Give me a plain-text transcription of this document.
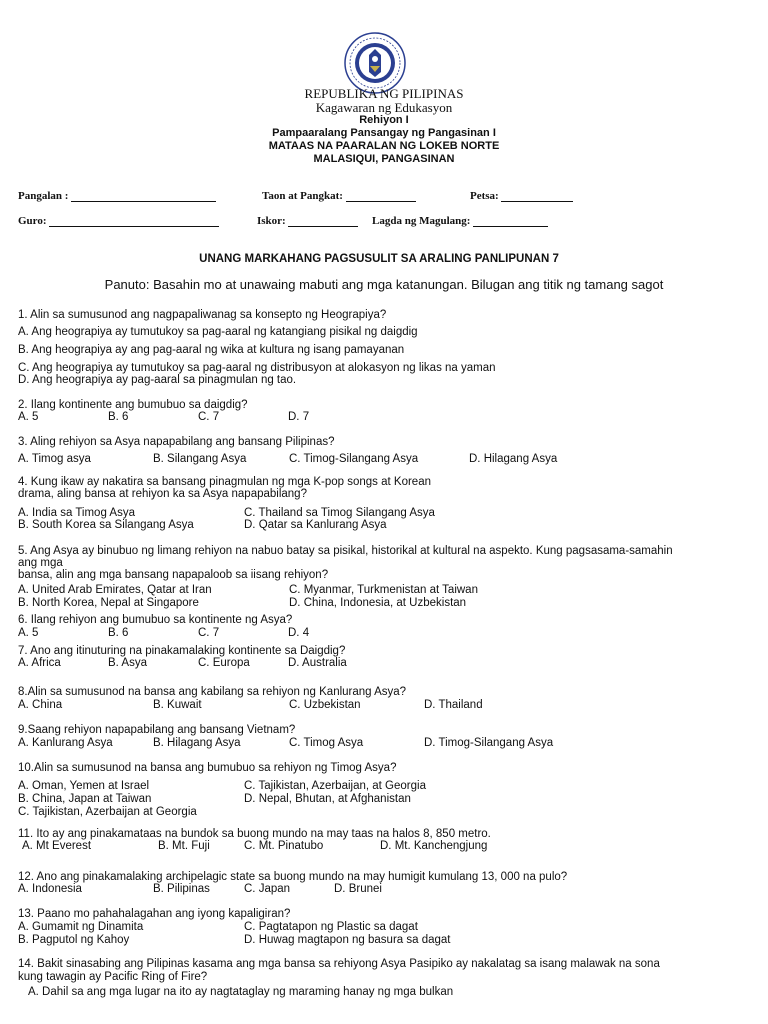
REPUBLIKA NG PILIPINAS
Kagawaran ng Edukasyon
Rehiyon I
Pampaaralang Pansangay ng Pangasinan I
MATAAS NA PAARALAN NG LOKEB NORTE
MALASIQUI, PANGASINAN
Pangalan :	Taon at Pangkat:	Petsa:
Guro:	Iskor:	Lagda ng Magulang:
UNANG MARKAHANG PAGSUSULIT SA ARALING PANLIPUNAN 7
Panuto: Basahin mo at unawaing mabuti ang mga katanungan. Bilugan ang titik ng tamang sagot
1. Alin sa sumusunod ang nagpapaliwanag sa konsepto ng Heograpiya?
A. Ang heograpiya ay tumutukoy sa pag-aaral ng katangiang pisikal ng daigdig
B. Ang heograpiya ay ang pag-aaral ng wika at kultura ng isang pamayanan
C. Ang heograpiya ay tumutukoy sa pag-aaral ng distribusyon at alokasyon ng likas na yaman
D. Ang heograpiya ay pag-aaral sa pinagmulan ng tao.
2. Ilang kontinente ang bumubuo sa daigdig?
A. 5	B. 6	C. 7	D. 7
3. Aling rehiyon sa Asya napapabilang ang bansang Pilipinas?
A. Timog asya	B. Silangang Asya	C. Timog-Silangang Asya	D. Hilagang Asya
4. Kung ikaw ay nakatira sa bansang pinagmulan ng mga K-pop songs at Korean
drama, aling bansa at rehiyon ka sa Asya napapabilang?
A. India sa Timog Asya	C. Thailand sa Timog Silangang Asya
B. South Korea sa Silangang Asya	D. Qatar sa Kanlurang Asya
5. Ang Asya ay binubuo ng limang rehiyon na nabuo batay sa pisikal, historikal at kultural na aspekto. Kung pagsasama-samahin
ang mga
bansa, alin ang mga bansang napapaloob sa iisang rehiyon?
A. United Arab Emirates, Qatar at Iran	C. Myanmar, Turkmenistan at Taiwan
B. North Korea, Nepal at Singapore	D. China, Indonesia, at Uzbekistan
6. Ilang rehiyon ang bumubuo sa kontinente ng Asya?
A. 5	B. 6	C. 7	D. 4
7. Ano ang itinuturing na pinakamalaking kontinente sa Daigdig?
A. Africa	B. Asya	C. Europa	D. Australia
8.Alin sa sumusunod na bansa ang kabilang sa rehiyon ng Kanlurang Asya?
A. China	B. Kuwait	C. Uzbekistan	D. Thailand
9.Saang rehiyon napapabilang ang bansang Vietnam?
A. Kanlurang Asya	B. Hilagang Asya	C. Timog Asya	D. Timog-Silangang Asya
10.Alin sa sumusunod na bansa ang bumubuo sa rehiyon ng Timog Asya?
A. Oman, Yemen at Israel	C. Tajikistan, Azerbaijan, at Georgia
B. China, Japan at Taiwan	D. Nepal, Bhutan, at Afghanistan
C. Tajikistan, Azerbaijan at Georgia
11. Ito ay ang pinakamataas na bundok sa buong mundo na may taas na halos 8, 850 metro.
A. Mt Everest	B. Mt. Fuji	C. Mt. Pinatubo	D. Mt. Kanchengjung
12. Ano ang pinakamalaking archipelagic state sa buong mundo na may humigit kumulang 13, 000 na pulo?
A. Indonesia	B. Pilipinas	C. Japan	D. Brunei
13. Paano mo pahahalagahan ang iyong kapaligiran?
A. Gumamit ng Dinamita	C. Pagtatapon ng Plastic sa dagat
B. Pagputol ng Kahoy	D. Huwag magtapon ng basura sa dagat
14. Bakit sinasabing ang Pilipinas kasama ang mga bansa sa rehiyong Asya Pasipiko ay nakalatag sa isang malawak na sona
kung tawagin ay Pacific Ring of Fire?
A. Dahil sa ang mga lugar na ito ay nagtataglay ng maraming hanay ng mga bulkan
